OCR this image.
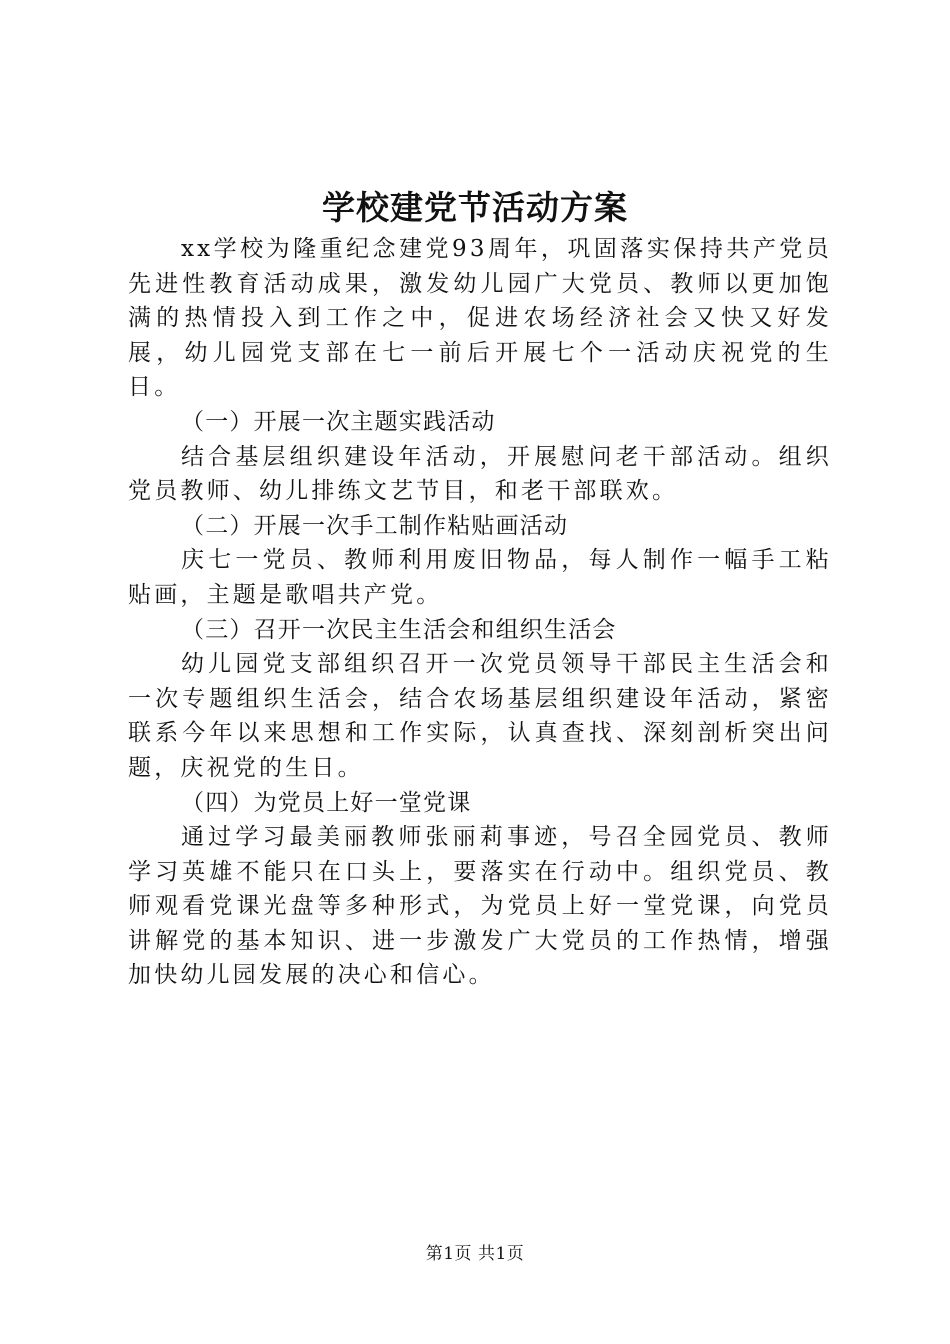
学校建党节活动方案

xx学校为隆重纪念建党93周年，巩固落实保持共产党员先进性教育活动成果，激发幼儿园广大党员、教师以更加饱满的热情投入到工作之中，促进农场经济社会又快又好发展，幼儿园党支部在七一前后开展七个一活动庆祝党的生日。

（一）开展一次主题实践活动

结合基层组织建设年活动，开展慰问老干部活动。组织党员教师、幼儿排练文艺节目，和老干部联欢。

（二）开展一次手工制作粘贴画活动

庆七一党员、教师利用废旧物品，每人制作一幅手工粘贴画，主题是歌唱共产党。

（三）召开一次民主生活会和组织生活会

幼儿园党支部组织召开一次党员领导干部民主生活会和一次专题组织生活会，结合农场基层组织建设年活动，紧密联系今年以来思想和工作实际，认真查找、深刻剖析突出问题，庆祝党的生日。

（四）为党员上好一堂党课

通过学习最美丽教师张丽莉事迹，号召全园党员、教师学习英雄不能只在口头上，要落实在行动中。组织党员、教师观看党课光盘等多种形式，为党员上好一堂党课，向党员讲解党的基本知识、进一步激发广大党员的工作热情，增强加快幼儿园发展的决心和信心。

第1页 共1页
